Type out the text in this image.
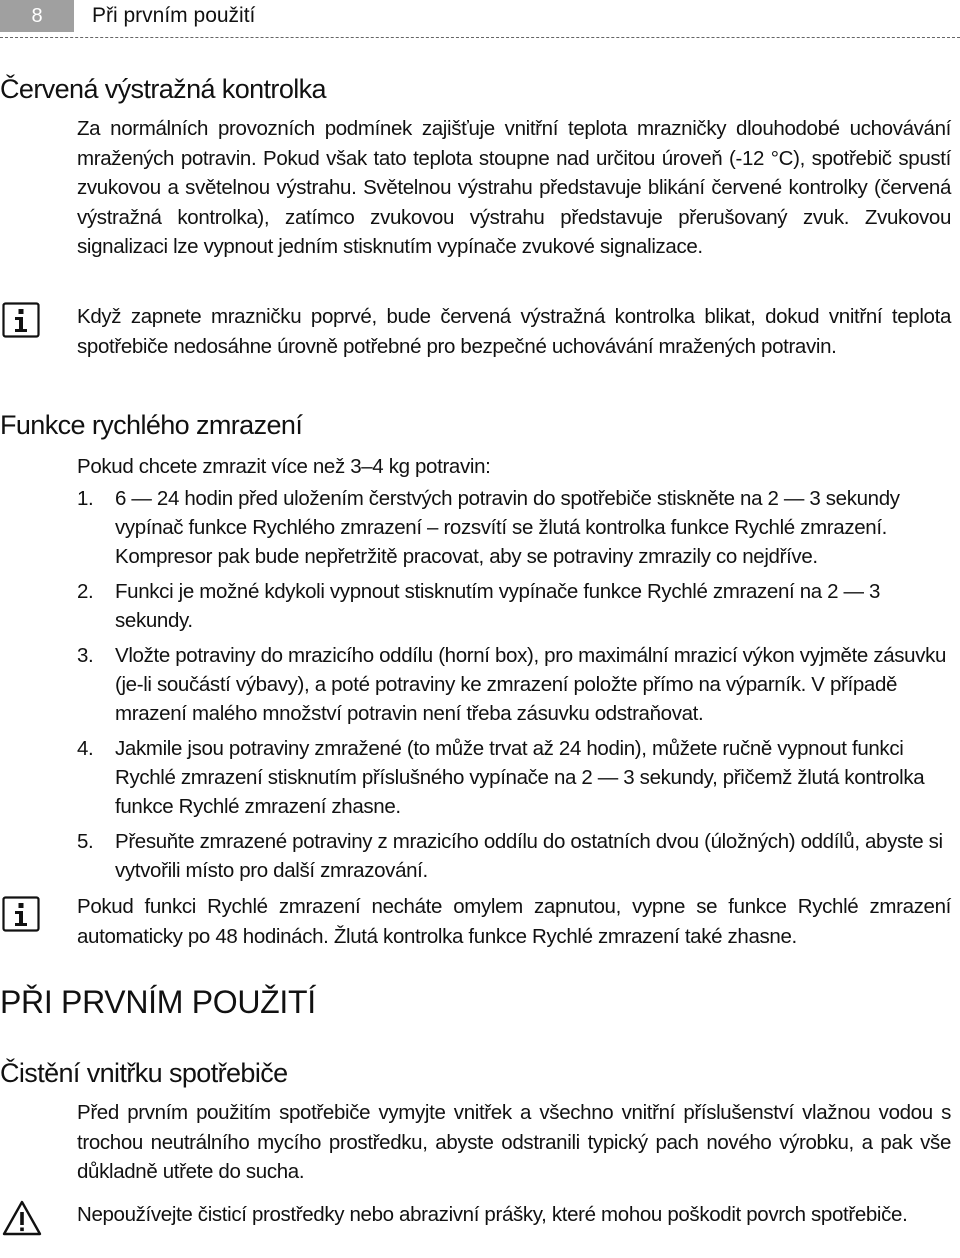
8	Při prvním použití
Červená výstražná kontrolka
Za normálních provozních podmínek zajišťuje vnitřní teplota mrazničky dlouhodobé uchovávání mražených potravin. Pokud však tato teplota stoupne nad určitou úroveň (-12 °C), spotřebič spustí zvukovou a světelnou výstrahu. Světelnou výstrahu představuje blikání červené kontrolky (červená výstražná kontrolka), zatímco zvukovou výstrahu představuje přerušovaný zvuk. Zvukovou signalizaci lze vypnout jedním stisknutím vypínače zvukové signalizace.
Když zapnete mrazničku poprvé, bude červená výstražná kontrolka blikat, dokud vnitřní teplota spotřebiče nedosáhne úrovně potřebné pro bezpečné uchovávání mražených potravin.
Funkce rychlého zmrazení
Pokud chcete zmrazit více než 3–4 kg potravin:
1. 6 — 24 hodin před uložením čerstvých potravin do spotřebiče stiskněte na 2 — 3 sekundy vypínač funkce Rychlého zmrazení – rozsvítí se žlutá kontrolka funkce Rychlé zmrazení. Kompresor pak bude nepřetržitě pracovat, aby se potraviny zmrazily co nejdříve.
2. Funkci je možné kdykoli vypnout stisknutím vypínače funkce Rychlé zmrazení na 2 — 3 sekundy.
3. Vložte potraviny do mrazicího oddílu (horní box), pro maximální mrazicí výkon vyjměte zásuvku (je-li součástí výbavy), a poté potraviny ke zmrazení položte přímo na výparník. V případě mrazení malého množství potravin není třeba zásuvku odstraňovat.
4. Jakmile jsou potraviny zmražené (to může trvat až 24 hodin), můžete ručně vypnout funkci Rychlé zmrazení stisknutím příslušného vypínače na 2 — 3 sekundy, přičemž žlutá kontrolka funkce Rychlé zmrazení zhasne.
5. Přesuňte zmrazené potraviny z mrazicího oddílu do ostatních dvou (úložných) oddílů, abyste si vytvořili místo pro další zmrazování.
Pokud funkci Rychlé zmrazení necháte omylem zapnutou, vypne se funkce Rychlé zmrazení automaticky po 48 hodinách. Žlutá kontrolka funkce Rychlé zmrazení také zhasne.
PŘI PRVNÍM POUŽITÍ
Čistění vnitřku spotřebiče
Před prvním použitím spotřebiče vymyjte vnitřek a všechno vnitřní příslušenství vlažnou vodou s trochou neutrálního mycího prostředku, abyste odstranili typický pach nového výrobku, a pak vše důkladně utřete do sucha.
Nepoužívejte čisticí prostředky nebo abrazivní prášky, které mohou poškodit povrch spotřebiče.
